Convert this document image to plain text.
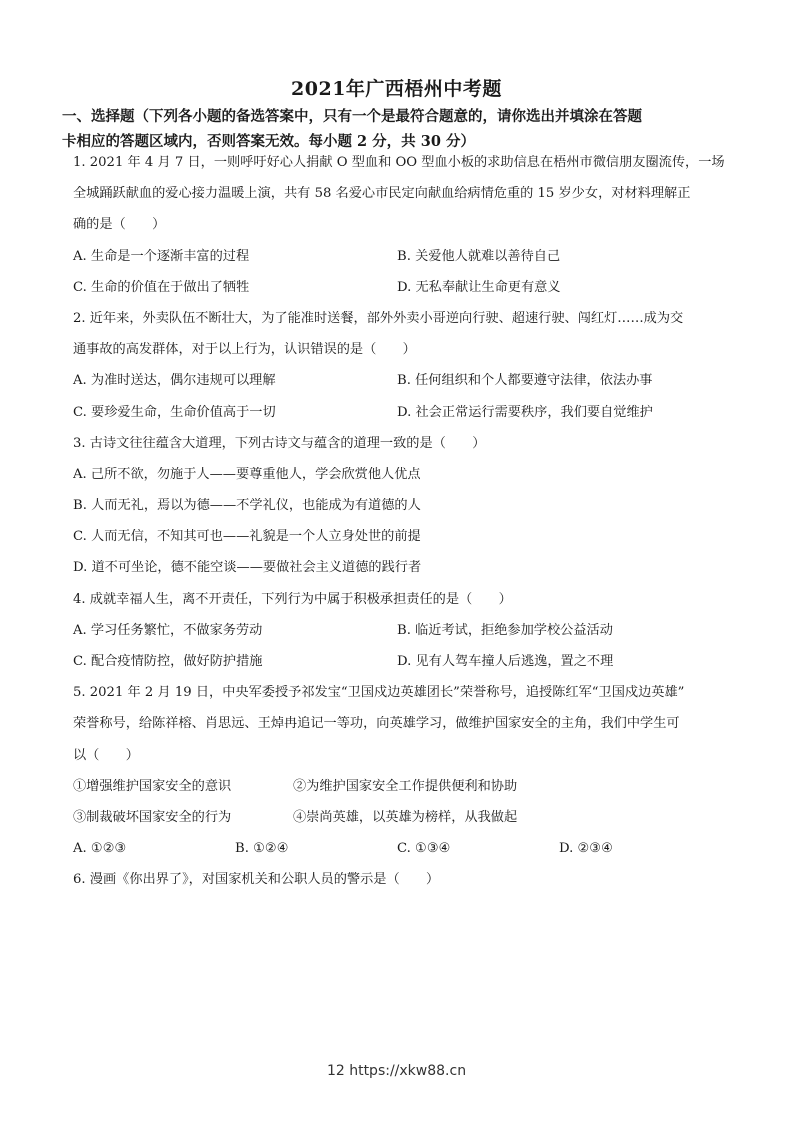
2021年广西梧州中考题
一、选择题（下列各小题的备选答案中，只有一个是最符合题意的，请你选出并填涂在答题
卡相应的答题区域内，否则答案无效。每小题 2 分，共 30 分）
1. 2021 年 4 月 7 日，一则呼吁好心人捐献 O 型血和 OO 型血小板的求助信息在梧州市微信朋友圈流传，一场
全城踊跃献血的爱心接力温暖上演，共有 58 名爱心市民定向献血给病情危重的 15 岁少女，对材料理解正
确的是（　　）
A. 生命是一个逐渐丰富的过程	B. 关爱他人就难以善待自己
C. 生命的价值在于做出了牺牲	D. 无私奉献让生命更有意义
2. 近年来，外卖队伍不断壮大，为了能准时送餐，部外外卖小哥逆向行驶、超速行驶、闯红灯……成为交
通事故的高发群体，对于以上行为，认识错误的是（　　）
A. 为准时送达，偶尔违规可以理解	B. 任何组织和个人都要遵守法律，依法办事
C. 要珍爱生命，生命价值高于一切	D. 社会正常运行需要秩序，我们要自觉维护
3. 古诗文往往蕴含大道理，下列古诗文与蕴含的道理一致的是（　　）
A. 己所不欲，勿施于人——要尊重他人，学会欣赏他人优点
B. 人而无礼，焉以为德——不学礼仪，也能成为有道德的人
C. 人而无信，不知其可也——礼貌是一个人立身处世的前提
D. 道不可坐论，德不能空谈——要做社会主义道德的践行者
4. 成就幸福人生，离不开责任，下列行为中属于积极承担责任的是（　　）
A. 学习任务繁忙，不做家务劳动	B. 临近考试，拒绝参加学校公益活动
C. 配合疫情防控，做好防护措施	D. 见有人驾车撞人后逃逸，置之不理
5. 2021 年 2 月 19 日，中央军委授予祁发宝“卫国戍边英雄团长”荣誉称号，追授陈红军“卫国戍边英雄”
荣誉称号，给陈祥榕、肖思远、王焯冉追记一等功，向英雄学习，做维护国家安全的主角，我们中学生可
以（　　）
①增强维护国家安全的意识	②为维护国家安全工作提供便利和协助
③制裁破坏国家安全的行为	④崇尚英雄，以英雄为榜样，从我做起
A. ①②③	B. ①②④	C. ①③④	D. ②③④
6. 漫画《你出界了》，对国家机关和公职人员的警示是（　　）
12 https://xkw88.cn
